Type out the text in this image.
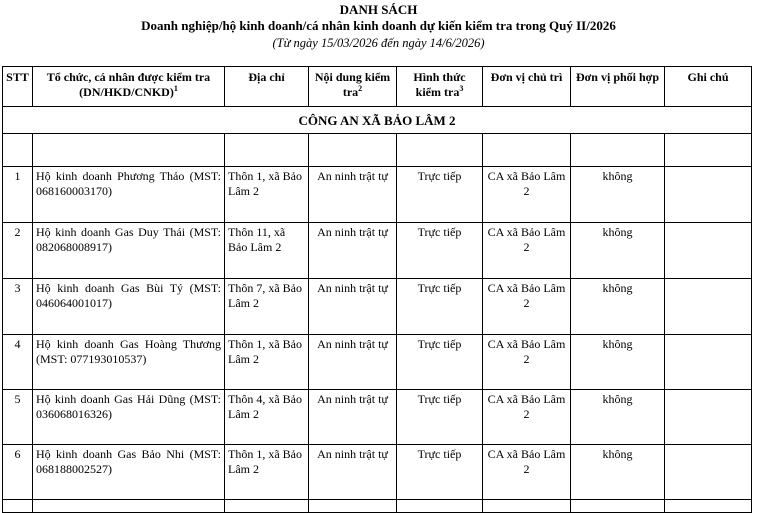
DANH SÁCH
Doanh nghiệp/hộ kinh doanh/cá nhân kinh doanh dự kiến kiểm tra trong Quý II/2026
(Từ ngày 15/03/2026 đến ngày 14/6/2026)
STT	Tổ chức, cá nhân được kiểm tra (DN/HKD/CNKD)$^1$	Địa chỉ	Nội dung kiểm tra$^2$	Hình thức kiểm tra$^3$	Đơn vị chủ trì	Đơn vị phối hợp	Ghi chú
CÔNG AN XÃ BẢO LÂM 2							

1	Hộ kinh doanh Phương Thảo (MST: 068160003170)	Thôn 1, xã Bảo Lâm 2	An ninh trật tự	Trực tiếp	CA xã Bảo Lâm 2	không	
2	Hộ kinh doanh Gas Duy Thái (MST: 082068008917)	Thôn 11, xã Bảo Lâm 2	An ninh trật tự	Trực tiếp	CA xã Bảo Lâm 2	không	
3	Hộ kinh doanh Gas Bùi Tý (MST: 046064001017)	Thôn 7, xã Bảo Lâm 2	An ninh trật tự	Trực tiếp	CA xã Bảo Lâm 2	không	
4	Hộ kinh doanh Gas Hoàng Thương (MST: 077193010537)	Thôn 1, xã Bảo Lâm 2	An ninh trật tự	Trực tiếp	CA xã Bảo Lâm 2	không	
5	Hộ kinh doanh Gas Hải Dũng (MST: 036068016326)	Thôn 4, xã Bảo Lâm 2	An ninh trật tự	Trực tiếp	CA xã Bảo Lâm 2	không	
6	Hộ kinh doanh Gas Bảo Nhi (MST: 068188002527)	Thôn 1, xã Bảo Lâm 2	An ninh trật tự	Trực tiếp	CA xã Bảo Lâm 2	không	
